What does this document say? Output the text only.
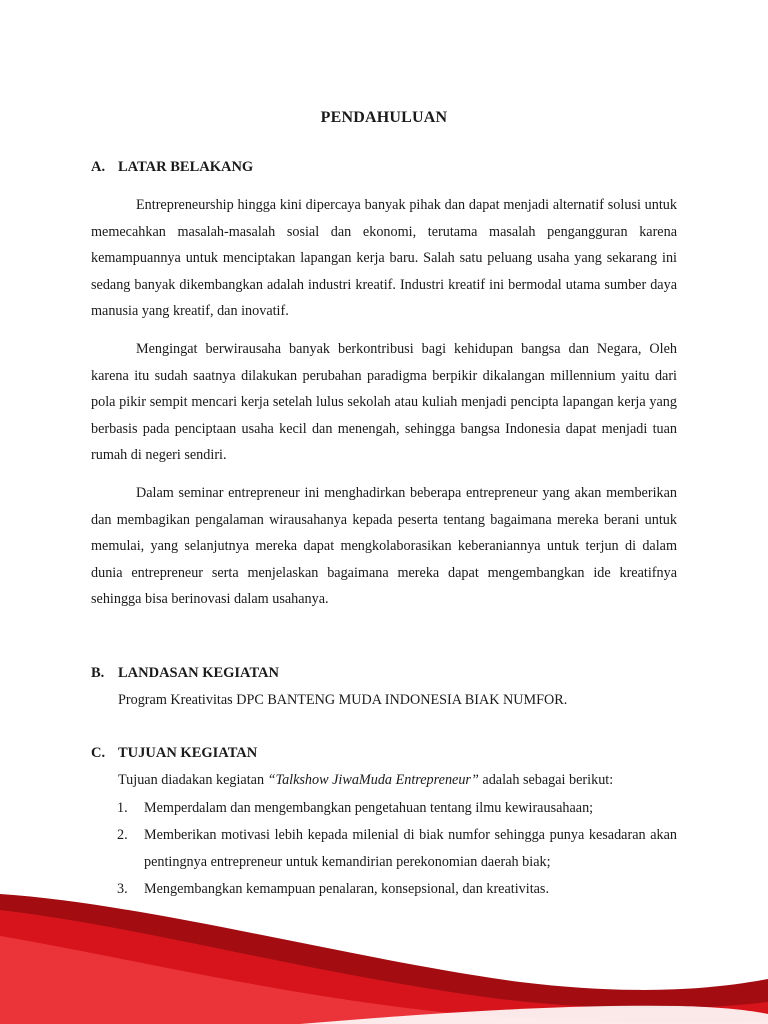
PENDAHULUAN
A. LATAR BELAKANG

Entrepreneurship hingga kini dipercaya banyak pihak dan dapat menjadi alternatif solusi untuk memecahkan masalah-masalah sosial dan ekonomi, terutama masalah pengangguran karena kemampuannya untuk menciptakan lapangan kerja baru. Salah satu peluang usaha yang sekarang ini sedang banyak dikembangkan adalah industri kreatif. Industri kreatif ini bermodal utama sumber daya manusia yang kreatif, dan inovatif.

Mengingat berwirausaha banyak berkontribusi bagi kehidupan bangsa dan Negara, Oleh karena itu sudah saatnya dilakukan perubahan paradigma berpikir dikalangan millennium yaitu dari pola pikir sempit mencari kerja setelah lulus sekolah atau kuliah menjadi pencipta lapangan kerja yang berbasis pada penciptaan usaha kecil dan menengah, sehingga bangsa Indonesia dapat menjadi tuan rumah di negeri sendiri.

Dalam seminar entrepreneur ini menghadirkan beberapa entrepreneur yang akan memberikan dan membagikan pengalaman wirausahanya kepada peserta tentang bagaimana mereka berani untuk memulai, yang selanjutnya mereka dapat mengkolaborasikan keberaniannya untuk terjun di dalam dunia entrepreneur serta menjelaskan bagaimana mereka dapat mengembangkan ide kreatifnya sehingga bisa berinovasi dalam usahanya.

B. LANDASAN KEGIATAN
Program Kreativitas DPC BANTENG MUDA INDONESIA BIAK NUMFOR.
C. TUJUAN KEGIATAN
Tujuan diadakan kegiatan “Talkshow JiwaMuda Entrepreneur” adalah sebagai berikut:
1. Memperdalam dan mengembangkan pengetahuan tentang ilmu kewirausahaan;
2. Memberikan motivasi lebih kepada milenial di biak numfor sehingga punya kesadaran akan pentingnya entrepreneur untuk kemandirian perekonomian daerah biak;
3. Mengembangkan kemampuan penalaran, konsepsional, dan kreativitas.
